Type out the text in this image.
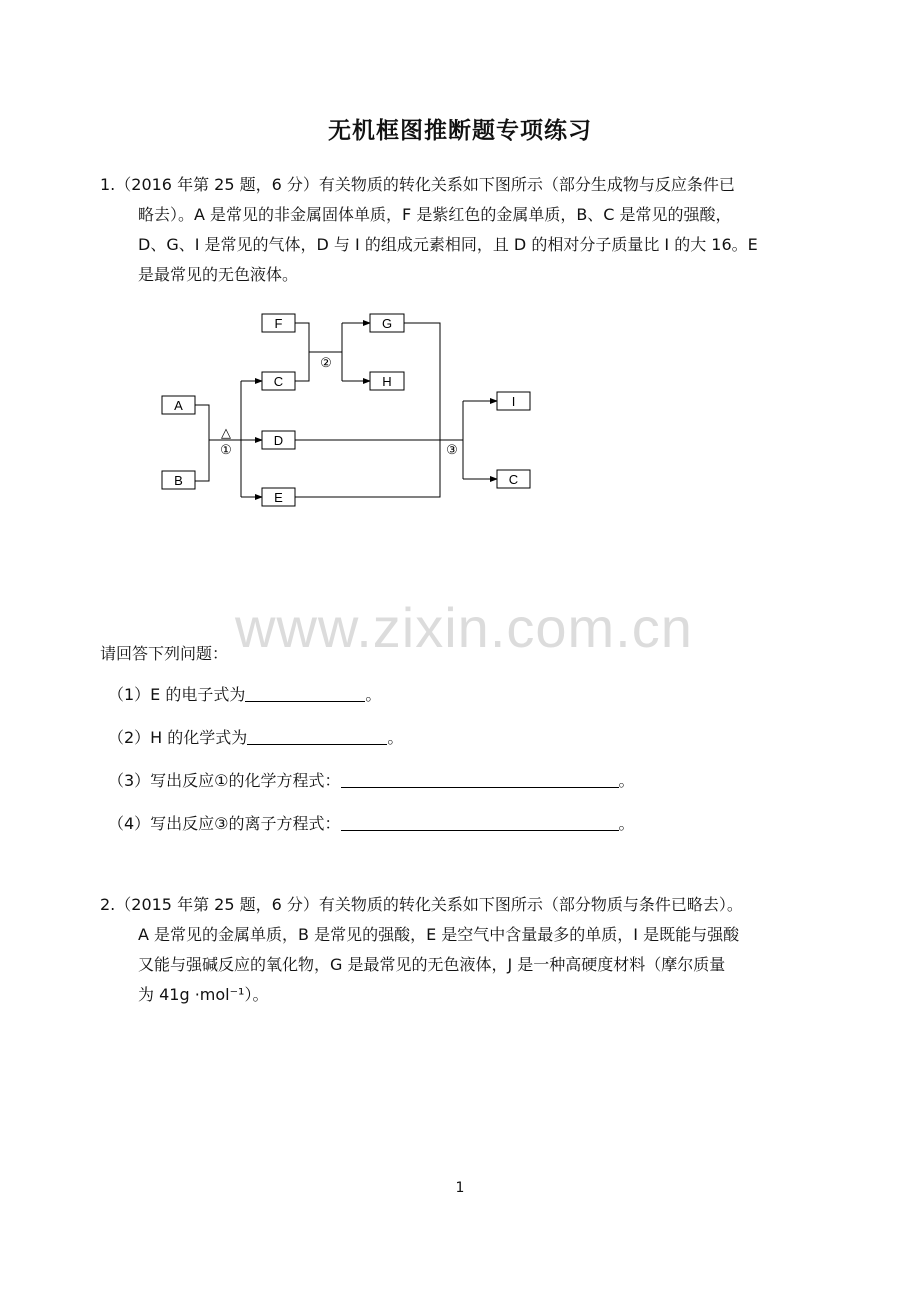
无机框图推断题专项练习
1.（2016 年第 25 题，6 分）有关物质的转化关系如下图所示（部分生成物与反应条件已
略去）。A 是常见的非金属固体单质，F 是紫红色的金属单质，B、C 是常见的强酸，
D、G、I 是常见的气体，D 与 I 的组成元素相同，且 D 的相对分子质量比 I 的大 16。E
是最常见的无色液体。
F	G
C	H
A
D
B
E
I
C
△
①
②
③
www.zixin.com.cn
请回答下列问题：
（1）E 的电子式为	。
（2）H 的化学式为	。
（3）写出反应①的化学方程式：	。
（4）写出反应③的离子方程式：	。
2.（2015 年第 25 题，6 分）有关物质的转化关系如下图所示（部分物质与条件已略去）。
A 是常见的金属单质，B 是常见的强酸，E 是空气中含量最多的单质，I 是既能与强酸
又能与强碱反应的氧化物，G 是最常见的无色液体，J 是一种高硬度材料（摩尔质量
为 41g ·mol⁻¹）。
1
